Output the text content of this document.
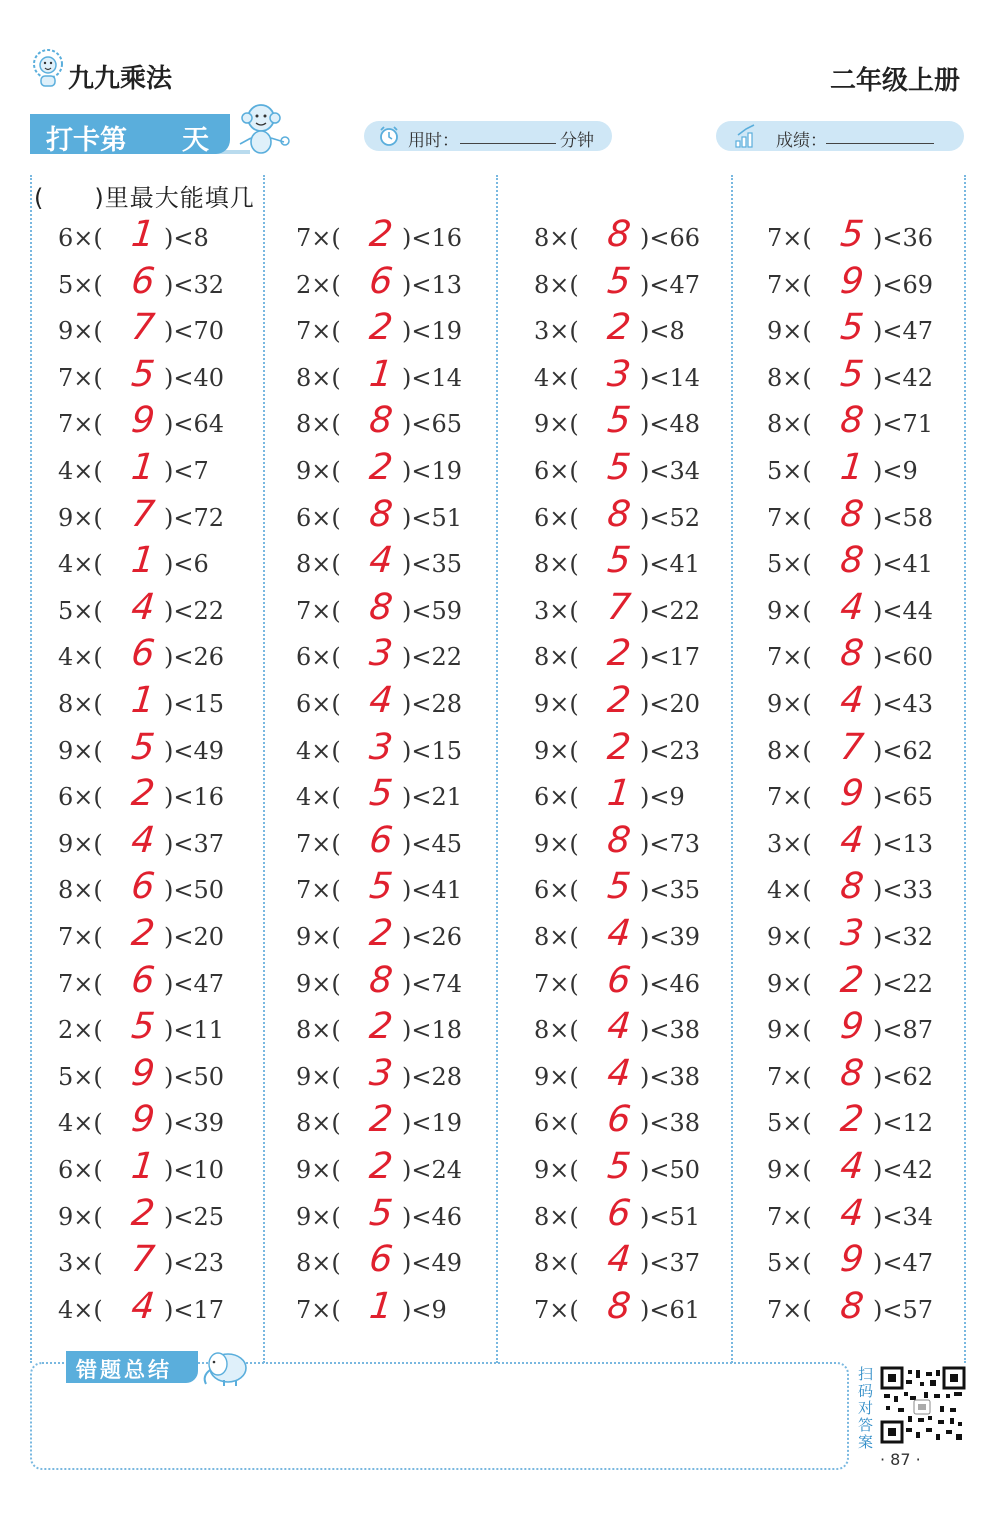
九九乘法	二年级上册
打卡第 天	用时：	分钟	成绩：
(　　)里最大能填几
6×( 1 )<8
5×( 6 )<32
9×( 7 )<70
7×( 5 )<40
7×( 9 )<64
4×( 1 )<7
9×( 7 )<72
4×( 1 )<6
5×( 4 )<22
4×( 6 )<26
8×( 1 )<15
9×( 5 )<49
6×( 2 )<16
9×( 4 )<37
8×( 6 )<50
7×( 2 )<20
7×( 6 )<47
2×( 5 )<11
5×( 9 )<50
4×( 9 )<39
6×( 1 )<10
9×( 2 )<25
3×( 7 )<23
4×( 4 )<17
7×( 2 )<16
2×( 6 )<13
7×( 2 )<19
8×( 1 )<14
8×( 8 )<65
9×( 2 )<19
6×( 8 )<51
8×( 4 )<35
7×( 8 )<59
6×( 3 )<22
6×( 4 )<28
4×( 3 )<15
4×( 5 )<21
7×( 6 )<45
7×( 5 )<41
9×( 2 )<26
9×( 8 )<74
8×( 2 )<18
9×( 3 )<28
8×( 2 )<19
9×( 2 )<24
9×( 5 )<46
8×( 6 )<49
7×( 1 )<9
8×( 8 )<66
8×( 5 )<47
3×( 2 )<8
4×( 3 )<14
9×( 5 )<48
6×( 5 )<34
6×( 8 )<52
8×( 5 )<41
3×( 7 )<22
8×( 2 )<17
9×( 2 )<20
9×( 2 )<23
6×( 1 )<9
9×( 8 )<73
6×( 5 )<35
8×( 4 )<39
7×( 6 )<46
8×( 4 )<38
9×( 4 )<38
6×( 6 )<38
9×( 5 )<50
8×( 6 )<51
8×( 4 )<37
7×( 8 )<61
7×( 5 )<36
7×( 9 )<69
9×( 5 )<47
8×( 5 )<42
8×( 8 )<71
5×( 1 )<9
7×( 8 )<58
5×( 8 )<41
9×( 4 )<44
7×( 8 )<60
9×( 4 )<43
8×( 7 )<62
7×( 9 )<65
3×( 4 )<13
4×( 8 )<33
9×( 3 )<32
9×( 2 )<22
9×( 9 )<87
7×( 8 )<62
5×( 2 )<12
9×( 4 )<42
7×( 4 )<34
5×( 9 )<47
7×( 8 )<57
错题总结	扫码对答案
· 87 ·
